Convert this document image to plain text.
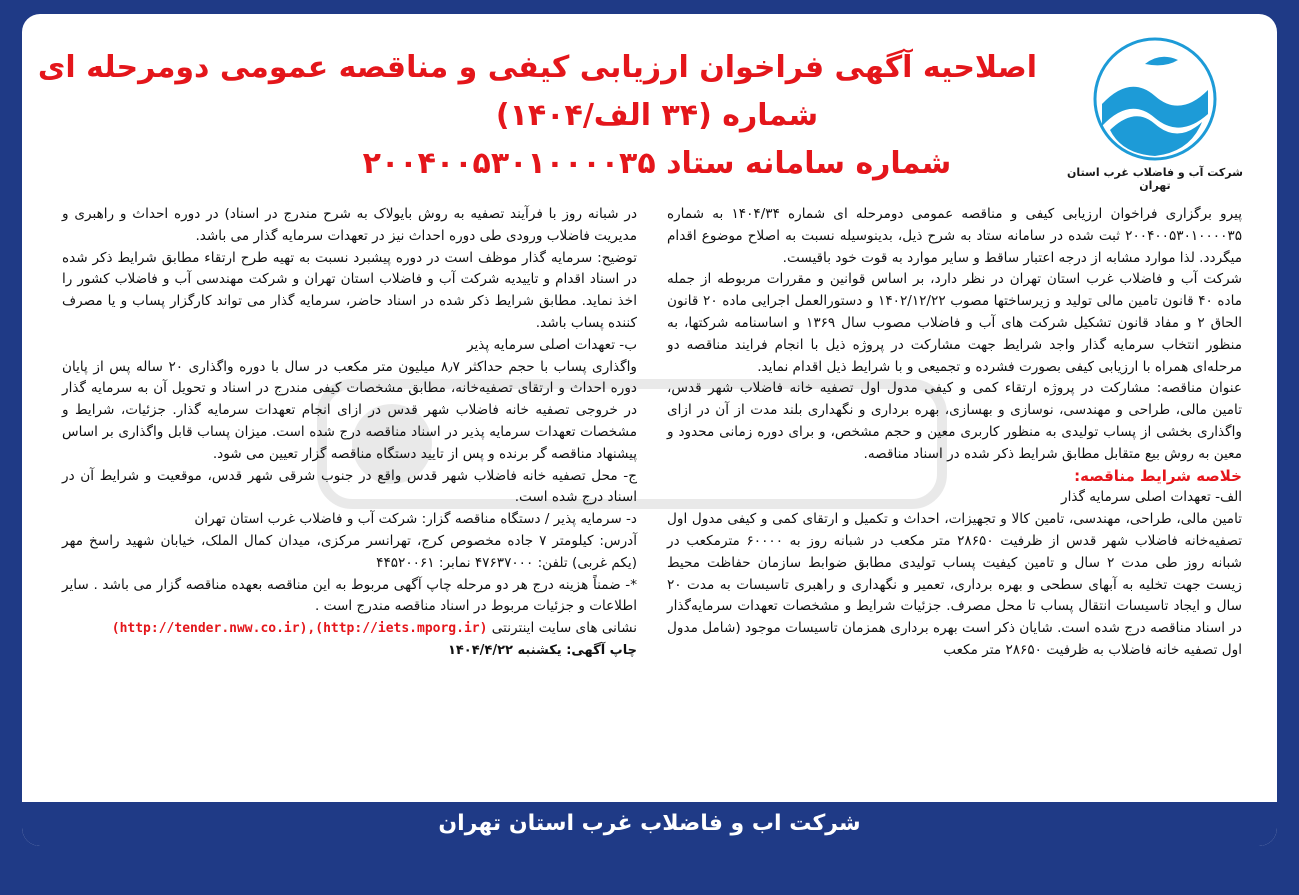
شرکت آب و فاضلاب غرب استان تهران
اصلاحیه آگهی فراخوان ارزیابی کیفی و مناقصه عمومی دومرحله ای
شماره (۳۴ الف/۱۴۰۴)
شماره سامانه ستاد ۲۰۰۴۰۰۵۳۰۱۰۰۰۰۳۵

پیرو برگزاری فراخوان ارزیابی کیفی و مناقصه عمومی دومرحله ای شماره ۱۴۰۴/۳۴ به شماره ۲۰۰۴۰۰۵۳۰۱۰۰۰۰۳۵ ثبت شده در سامانه ستاد به شرح ذیل، بدینوسیله نسبت به اصلاح موضوع اقدام میگردد. لذا موارد مشابه از درجه اعتبار ساقط و سایر موارد به قوت خود باقیست.

شرکت آب و فاضلاب غرب استان تهران در نظر دارد، بر اساس قوانین و مقررات مربوطه از جمله ماده ۴۰ قانون تامین مالی تولید و زیرساختها مصوب ۱۴۰۲/۱۲/۲۲ و دستورالعمل اجرایی ماده ۲۰ قانون الحاق ۲ و مفاد قانون تشکیل شرکت های آب و فاضلاب مصوب سال ۱۳۶۹ و اساسنامه شرکتها، به منظور انتخاب سرمایه گذار واجد شرایط جهت مشارکت در پروژه ذیل با انجام فرایند مناقصه دو مرحله‌ای همراه با ارزیابی کیفی بصورت فشرده و تجمیعی و با شرایط ذیل اقدام نماید.

عنوان مناقصه: مشارکت در پروژه ارتقاء کمی و کیفی مدول اول تصفیه خانه فاضلاب شهر قدس، تامین مالی، طراحی و مهندسی، نوسازی و بهسازی، بهره برداری و نگهداری بلند مدت از آن در ازای واگذاری بخشی از پساب تولیدی به منظور کاربری معین و حجم مشخص، و برای دوره زمانی محدود و معین به روش بیع متقابل مطابق شرایط ذکر شده در اسناد مناقصه.

خلاصه شرایط مناقصه:

الف- تعهدات اصلی سرمایه گذار

تامین مالی، طراحی، مهندسی، تامین کالا و تجهیزات، احداث و تکمیل و ارتقای کمی و کیفی مدول اول تصفیه‌خانه فاضلاب شهر قدس از ظرفیت ۲۸۶۵۰ متر مکعب در شبانه روز به ۶۰۰۰۰ مترمکعب در شبانه روز طی مدت ۲ سال و تامین کیفیت پساب تولیدی مطابق ضوابط سازمان حفاظت محیط زیست جهت تخلیه به آبهای سطحی و بهره برداری، تعمیر و نگهداری و راهبری تاسیسات به مدت ۲۰ سال و ایجاد تاسیسات انتقال پساب تا محل مصرف. جزئیات شرایط و مشخصات تعهدات سرمایه‌گذار در اسناد مناقصه درج شده است. شایان ذکر است بهره برداری همزمان تاسیسات موجود (شامل مدول اول تصفیه خانه فاضلاب به ظرفیت ۲۸۶۵۰ متر مکعب

در شبانه روز با فرآیند تصفیه به روش بایولاک به شرح مندرج در اسناد) در دوره احداث و راهبری و مدیریت فاضلاب ورودی طی دوره احداث نیز در تعهدات سرمایه گذار می باشد.

توضیح: سرمایه گذار موظف است در دوره پیشبرد نسبت به تهیه طرح ارتقاء مطابق شرایط ذکر شده در اسناد اقدام و تاییدیه شرکت آب و فاضلاب استان تهران و شرکت مهندسی آب و فاضلاب کشور را اخذ نماید. مطابق شرایط ذکر شده در اسناد حاضر، سرمایه گذار می تواند کارگزار پساب و یا مصرف کننده پساب باشد.

ب- تعهدات اصلی سرمایه پذیر

واگذاری پساب با حجم حداکثر ۸٫۷ میلیون متر مکعب در سال با دوره واگذاری ۲۰ ساله پس از پایان دوره احداث و ارتقای تصفیه‌خانه، مطابق مشخصات کیفی مندرج در اسناد و تحویل آن به سرمایه گذار در خروجی تصفیه خانه فاضلاب شهر قدس در ازای انجام تعهدات سرمایه گذار. جزئیات، شرایط و مشخصات تعهدات سرمایه پذیر در اسناد مناقصه درج شده است. میزان پساب قابل واگذاری بر اساس پیشنهاد مناقصه گر برنده و پس از تایید دستگاه مناقصه گزار تعیین می شود.

ج- محل تصفیه خانه فاضلاب شهر قدس واقع در جنوب شرقی شهر قدس، موقعیت و شرایط آن در اسناد درج شده است.

د- سرمایه پذیر / دستگاه مناقصه گزار: شرکت آب و فاضلاب غرب استان تهران

آدرس: کیلومتر ۷ جاده مخصوص کرج، تهرانسر مرکزی، میدان کمال الملک، خیابان شهید راسخ مهر (یکم غربی) تلفن: ۴۷۶۳۷۰۰۰ نمابر: ۴۴۵۲۰۰۶۱

*- ضمناً هزینه درج هر دو مرحله چاپ آگهی مربوط به این مناقصه بعهده مناقصه گزار می باشد . سایر اطلاعات و جزئیات مربوط در اسناد مناقصه مندرج است .

نشانی های سایت اینترنتی (http://tender.nww.co.ir),(http://iets.mporg.ir)

چاپ آگهی: یکشنبه ۱۴۰۴/۴/۲۲

شرکت اب و فاضلاب غرب استان تهران
